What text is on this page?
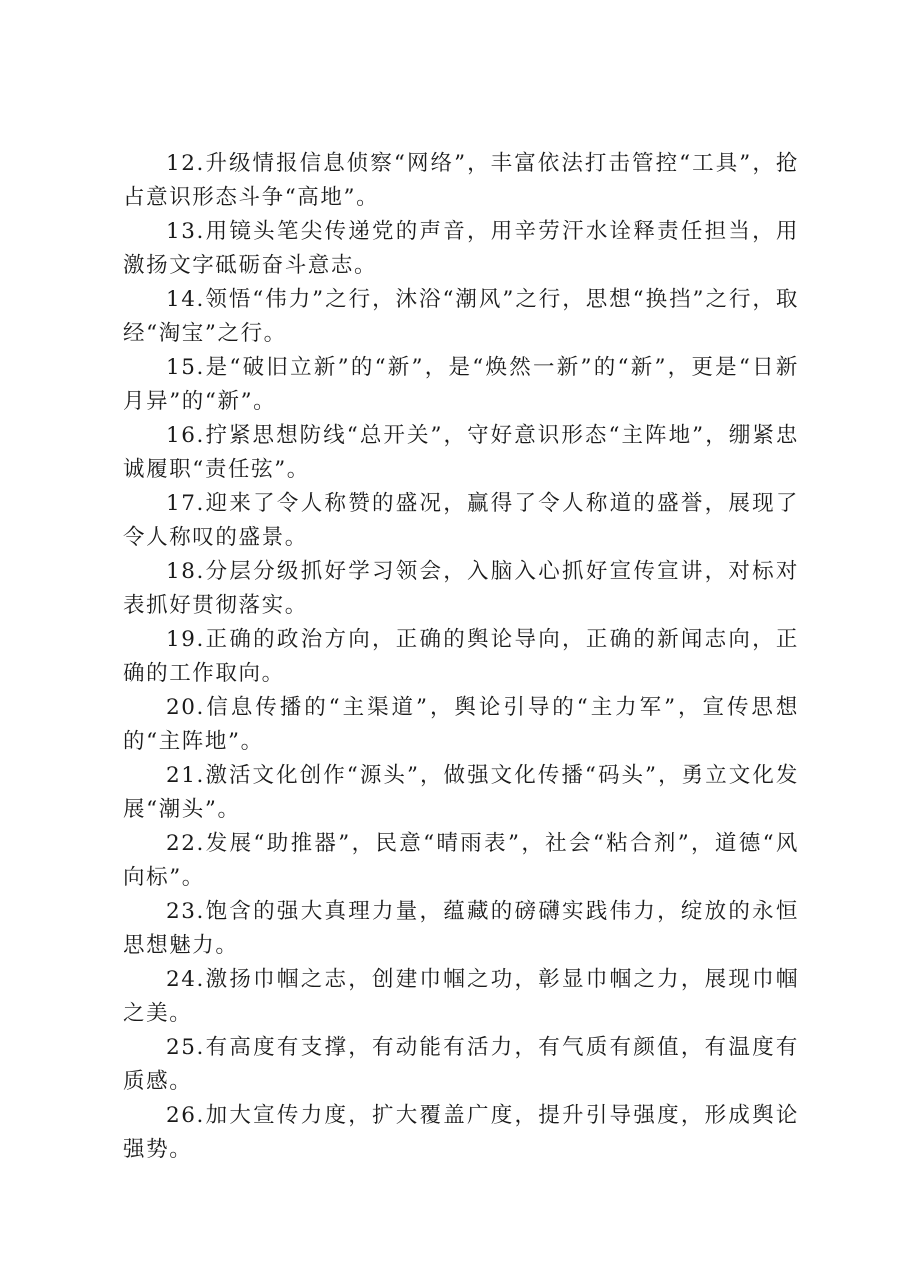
12.升级情报信息侦察“网络”，丰富依法打击管控“工具”，抢占意识形态斗争“高地”。

13.用镜头笔尖传递党的声音，用辛劳汗水诠释责任担当，用激扬文字砥砺奋斗意志。

14.领悟“伟力”之行，沐浴“潮风”之行，思想“换挡”之行，取经“淘宝”之行。

15.是“破旧立新”的“新”，是“焕然一新”的“新”，更是“日新月异”的“新”。

16.拧紧思想防线“总开关”，守好意识形态“主阵地”，绷紧忠诚履职“责任弦”。

17.迎来了令人称赞的盛况，赢得了令人称道的盛誉，展现了令人称叹的盛景。

18.分层分级抓好学习领会，入脑入心抓好宣传宣讲，对标对表抓好贯彻落实。

19.正确的政治方向，正确的舆论导向，正确的新闻志向，正确的工作取向。

20.信息传播的“主渠道”，舆论引导的“主力军”，宣传思想的“主阵地”。

21.激活文化创作“源头”，做强文化传播“码头”，勇立文化发展“潮头”。

22.发展“助推器”，民意“晴雨表”，社会“粘合剂”，道德“风向标”。

23.饱含的强大真理力量，蕴藏的磅礴实践伟力，绽放的永恒思想魅力。

24.激扬巾帼之志，创建巾帼之功，彰显巾帼之力，展现巾帼之美。

25.有高度有支撑，有动能有活力，有气质有颜值，有温度有质感。

26.加大宣传力度，扩大覆盖广度，提升引导强度，形成舆论强势。
